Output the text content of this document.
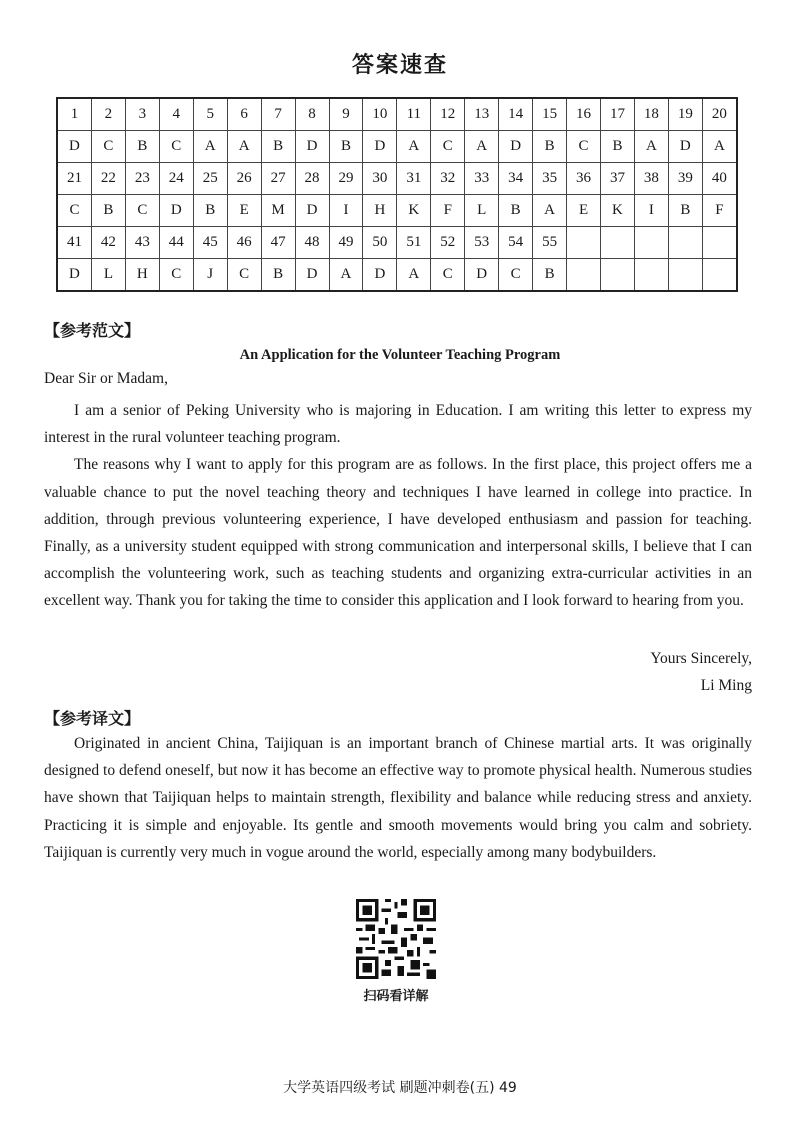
答案速查
1	2	3	4	5	6	7	8	9	10	11	12	13	14	15	16	17	18	19	20
D	C	B	C	A	A	B	D	B	D	A	C	A	D	B	C	B	A	D	A
21	22	23	24	25	26	27	28	29	30	31	32	33	34	35	36	37	38	39	40
C	B	C	D	B	E	M	D	I	H	K	F	L	B	A	E	K	I	B	F
41	42	43	44	45	46	47	48	49	50	51	52	53	54	55					
D	L	H	C	J	C	B	D	A	D	A	C	D	C	B					
【参考范文】
An Application for the Volunteer Teaching Program
Dear Sir or Madam,

I am a senior of Peking University who is majoring in Education. I am writing this letter to express my interest in the rural volunteer teaching program.

The reasons why I want to apply for this program are as follows. In the first place, this project offers me a valuable chance to put the novel teaching theory and techniques I have learned in college into practice. In addition, through previous volunteering experience, I have developed enthusiasm and passion for teaching. Finally, as a university student equipped with strong communication and interpersonal skills, I believe that I can accomplish the volunteering work, such as teaching students and organizing extra-curricular activities in an excellent way. Thank you for taking the time to consider this application and I look forward to hearing from you.

Yours Sincerely,
Li Ming
【参考译文】

Originated in ancient China, Taijiquan is an important branch of Chinese martial arts. It was originally designed to defend oneself, but now it has become an effective way to promote physical health. Numerous studies have shown that Taijiquan helps to maintain strength, flexibility and balance while reducing stress and anxiety. Practicing it is simple and enjoyable. Its gentle and smooth movements would bring you calm and sobriety. Taijiquan is currently very much in vogue around the world, especially among many bodybuilders.

扫码看详解
大学英语四级考试 刷题冲刺卷(五) 49
